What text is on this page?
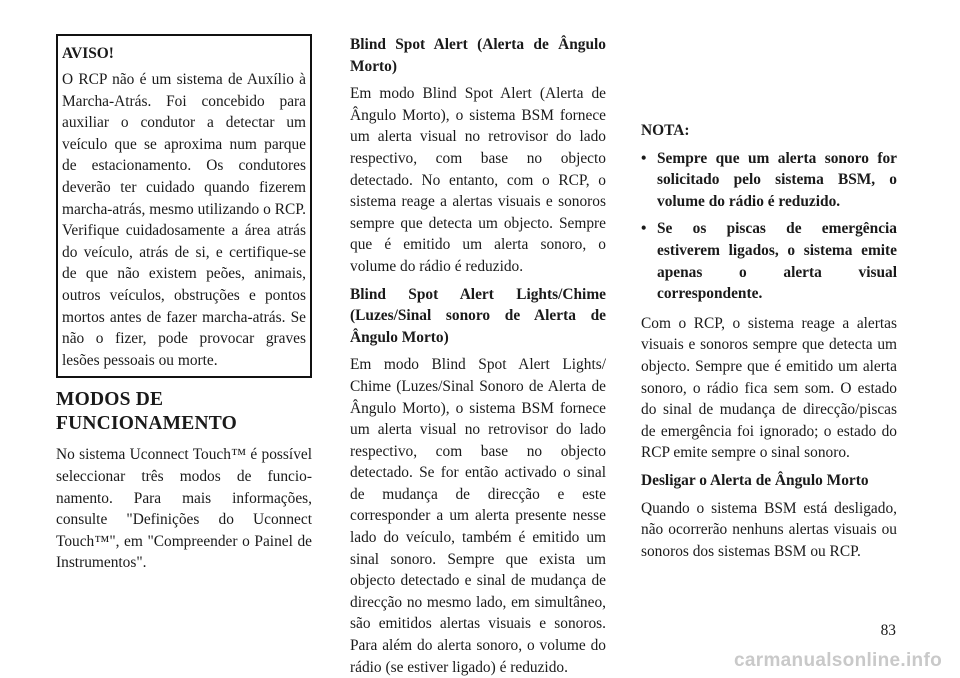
AVISO!

O RCP não é um sistema de Auxílio à Marcha-Atrás. Foi concebido para auxiliar o condutor a detectar um veículo que se aproxima num parque de estacionamento. Os condutores deverão ter cuidado quando fizerem marcha-atrás, mesmo utilizando o RCP. Verifique cuidadosamente a área atrás do veículo, atrás de si, e certifique-se de que não existem peões, animais, outros veículos, obstruções e pontos mortos antes de fazer marcha-atrás. Se não o fizer, pode provocar graves lesões pessoais ou morte.

MODOS DE FUNCIONAMENTO

No sistema Uconnect Touch™ é possível seleccionar três modos de funcionamento. Para mais informações, consulte "Definições do Uconnect Touch™", em "Compreender o Painel de Instrumentos".

Blind Spot Alert (Alerta de Ângulo Morto)

Em modo Blind Spot Alert (Alerta de Ângulo Morto), o sistema BSM fornece um alerta visual no retrovisor do lado respectivo, com base no objecto detectado. No entanto, com o RCP, o sistema reage a alertas visuais e sonoros sempre que detecta um objecto. Sempre que é emitido um alerta sonoro, o volume do rádio é reduzido.

Blind Spot Alert Lights/Chime (Luzes/Sinal sonoro de Alerta de Ângulo Morto)

Em modo Blind Spot Alert Lights/ Chime (Luzes/Sinal Sonoro de Alerta de Ângulo Morto), o sistema BSM fornece um alerta visual no retrovisor do lado respectivo, com base no objecto detectado. Se for então activado o sinal de mudança de direcção e este corresponder a um alerta presente nesse lado do veículo, também é emitido um sinal sonoro. Sempre que exista um objecto detectado e sinal de mudança de direcção no mesmo lado, em simultâneo, são emitidos alertas visuais e sonoros. Para além do alerta sonoro, o volume do rádio (se estiver ligado) é reduzido.

NOTA:

• Sempre que um alerta sonoro for solicitado pelo sistema BSM, o volume do rádio é reduzido.
• Se os piscas de emergência estiverem ligados, o sistema emite apenas o alerta visual correspondente.

Com o RCP, o sistema reage a alertas visuais e sonoros sempre que detecta um objecto. Sempre que é emitido um alerta sonoro, o rádio fica sem som. O estado do sinal de mudança de direcção/piscas de emergência foi ignorado; o estado do RCP emite sempre o sinal sonoro.

Desligar o Alerta de Ângulo Morto

Quando o sistema BSM está desligado, não ocorrerão nenhuns alertas visuais ou sonoros dos sistemas BSM ou RCP.

83
carmanualsonline.info
